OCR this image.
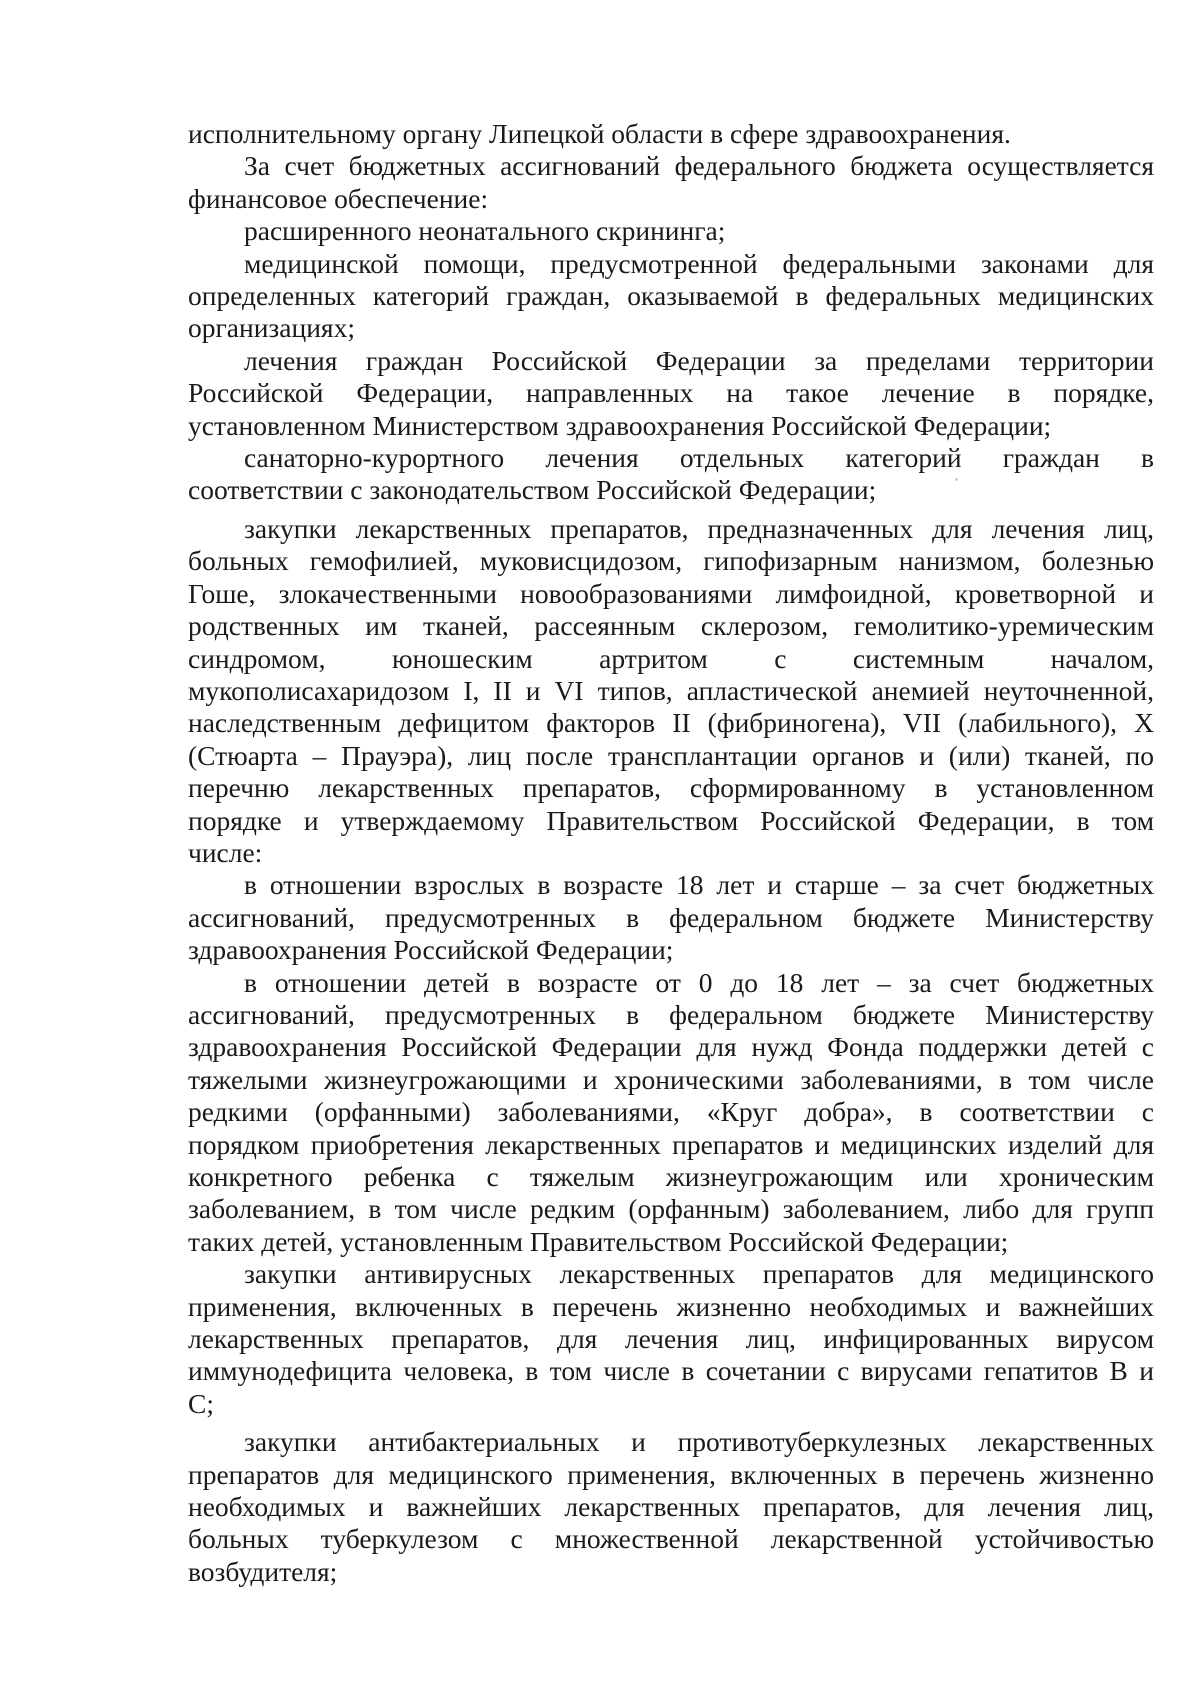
исполнительному органу Липецкой области в сфере здравоохранения.

За счет бюджетных ассигнований федерального бюджета осуществляется

финансовое обеспечение:

расширенного неонатального скрининга;

медицинской помощи, предусмотренной федеральными законами для

определенных категорий граждан, оказываемой в федеральных медицинских

организациях;

лечения граждан Российской Федерации за пределами территории

Российской Федерации, направленных на такое лечение в порядке,

установленном Министерством здравоохранения Российской Федерации;

санаторно-курортного лечения отдельных категорий граждан в

соответствии с законодательством Российской Федерации;

закупки лекарственных препаратов, предназначенных для лечения лиц,

больных гемофилией, муковисцидозом, гипофизарным нанизмом, болезнью

Гоше, злокачественными новообразованиями лимфоидной, кроветворной и

родственных им тканей, рассеянным склерозом, гемолитико-уремическим

синдромом, юношеским артритом с системным началом,

мукополисахаридозом I, II и VI типов, апластической анемией неуточненной,

наследственным дефицитом факторов II (фибриногена), VII (лабильного), X

(Стюарта – Прауэра), лиц после трансплантации органов и (или) тканей, по

перечню лекарственных препаратов, сформированному в установленном

порядке и утверждаемому Правительством Российской Федерации, в том

числе:

в отношении взрослых в возрасте 18 лет и старше – за счет бюджетных

ассигнований, предусмотренных в федеральном бюджете Министерству

здравоохранения Российской Федерации;

в отношении детей в возрасте от 0 до 18 лет – за счет бюджетных

ассигнований, предусмотренных в федеральном бюджете Министерству

здравоохранения Российской Федерации для нужд Фонда поддержки детей с

тяжелыми жизнеугрожающими и хроническими заболеваниями, в том числе

редкими (орфанными) заболеваниями, «Круг добра», в соответствии с

порядком приобретения лекарственных препаратов и медицинских изделий для

конкретного ребенка с тяжелым жизнеугрожающим или хроническим

заболеванием, в том числе редким (орфанным) заболеванием, либо для групп

таких детей, установленным Правительством Российской Федерации;

закупки антивирусных лекарственных препаратов для медицинского

применения, включенных в перечень жизненно необходимых и важнейших

лекарственных препаратов, для лечения лиц, инфицированных вирусом

иммунодефицита человека, в том числе в сочетании с вирусами гепатитов B и

C;

закупки антибактериальных и противотуберкулезных лекарственных

препаратов для медицинского применения, включенных в перечень жизненно

необходимых и важнейших лекарственных препаратов, для лечения лиц,

больных туберкулезом с множественной лекарственной устойчивостью

возбудителя;
